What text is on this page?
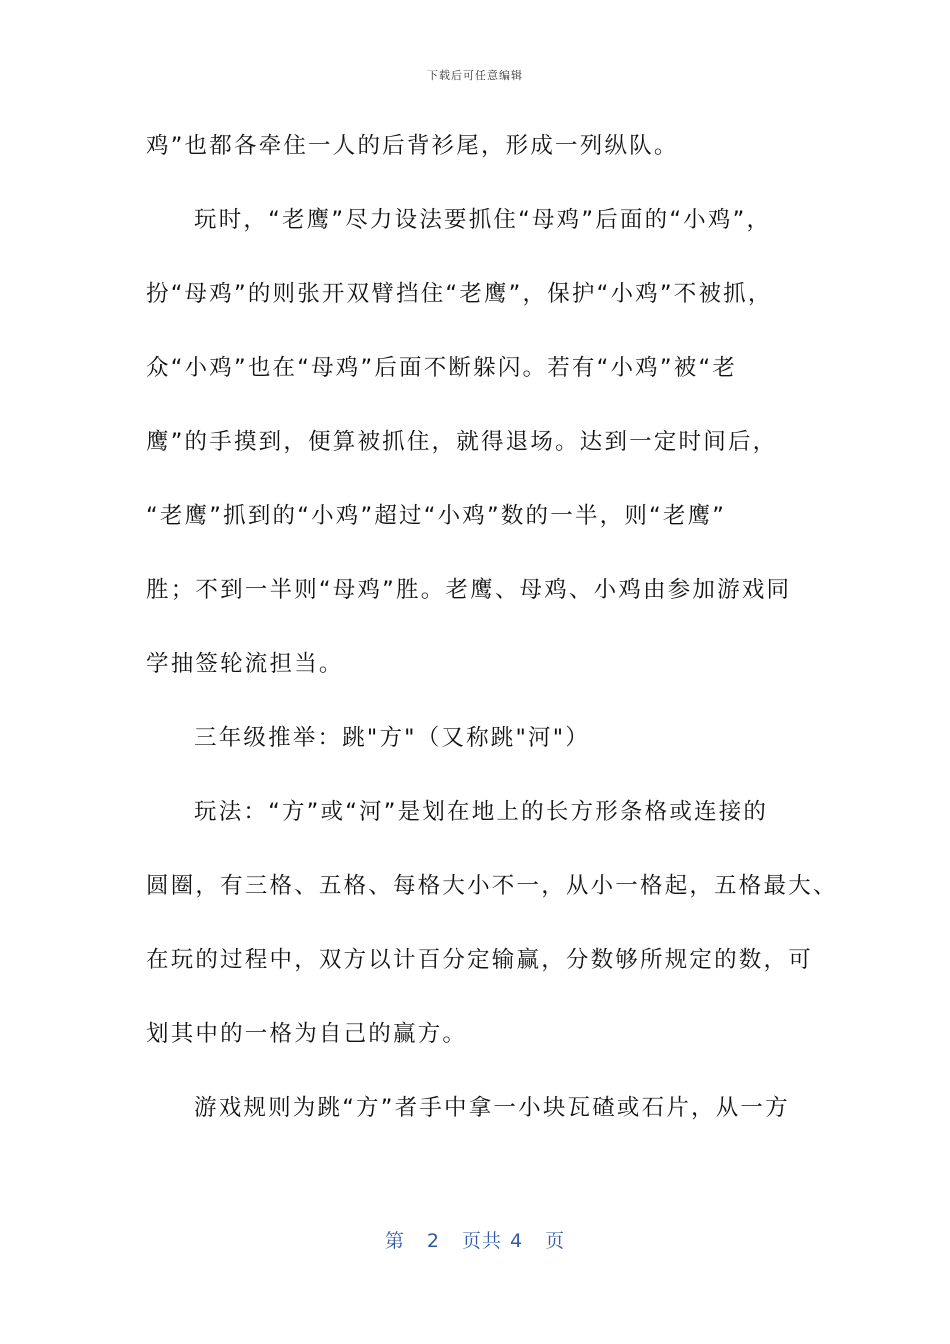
下载后可任意编辑
鸡”也都各牵住一人的后背衫尾，形成一列纵队。
玩时，“老鹰”尽力设法要抓住“母鸡”后面的“小鸡”，
扮“母鸡”的则张开双臂挡住“老鹰”，保护“小鸡”不被抓，
众“小鸡”也在“母鸡”后面不断躲闪。若有“小鸡”被“老
鹰”的手摸到，便算被抓住，就得退场。达到一定时间后，
“老鹰”抓到的“小鸡”超过“小鸡”数的一半，则“老鹰”
胜；不到一半则“母鸡”胜。老鹰、母鸡、小鸡由参加游戏同
学抽签轮流担当。
三年级推举：跳"方"（又称跳"河"）
玩法：“方”或“河”是划在地上的长方形条格或连接的
圆圈，有三格、五格、每格大小不一，从小一格起，五格最大、
在玩的过程中，双方以计百分定输赢，分数够所规定的数，可
划其中的一格为自己的赢方。
游戏规则为跳“方”者手中拿一小块瓦碴或石片，从一方
第 2 页共 4 页
